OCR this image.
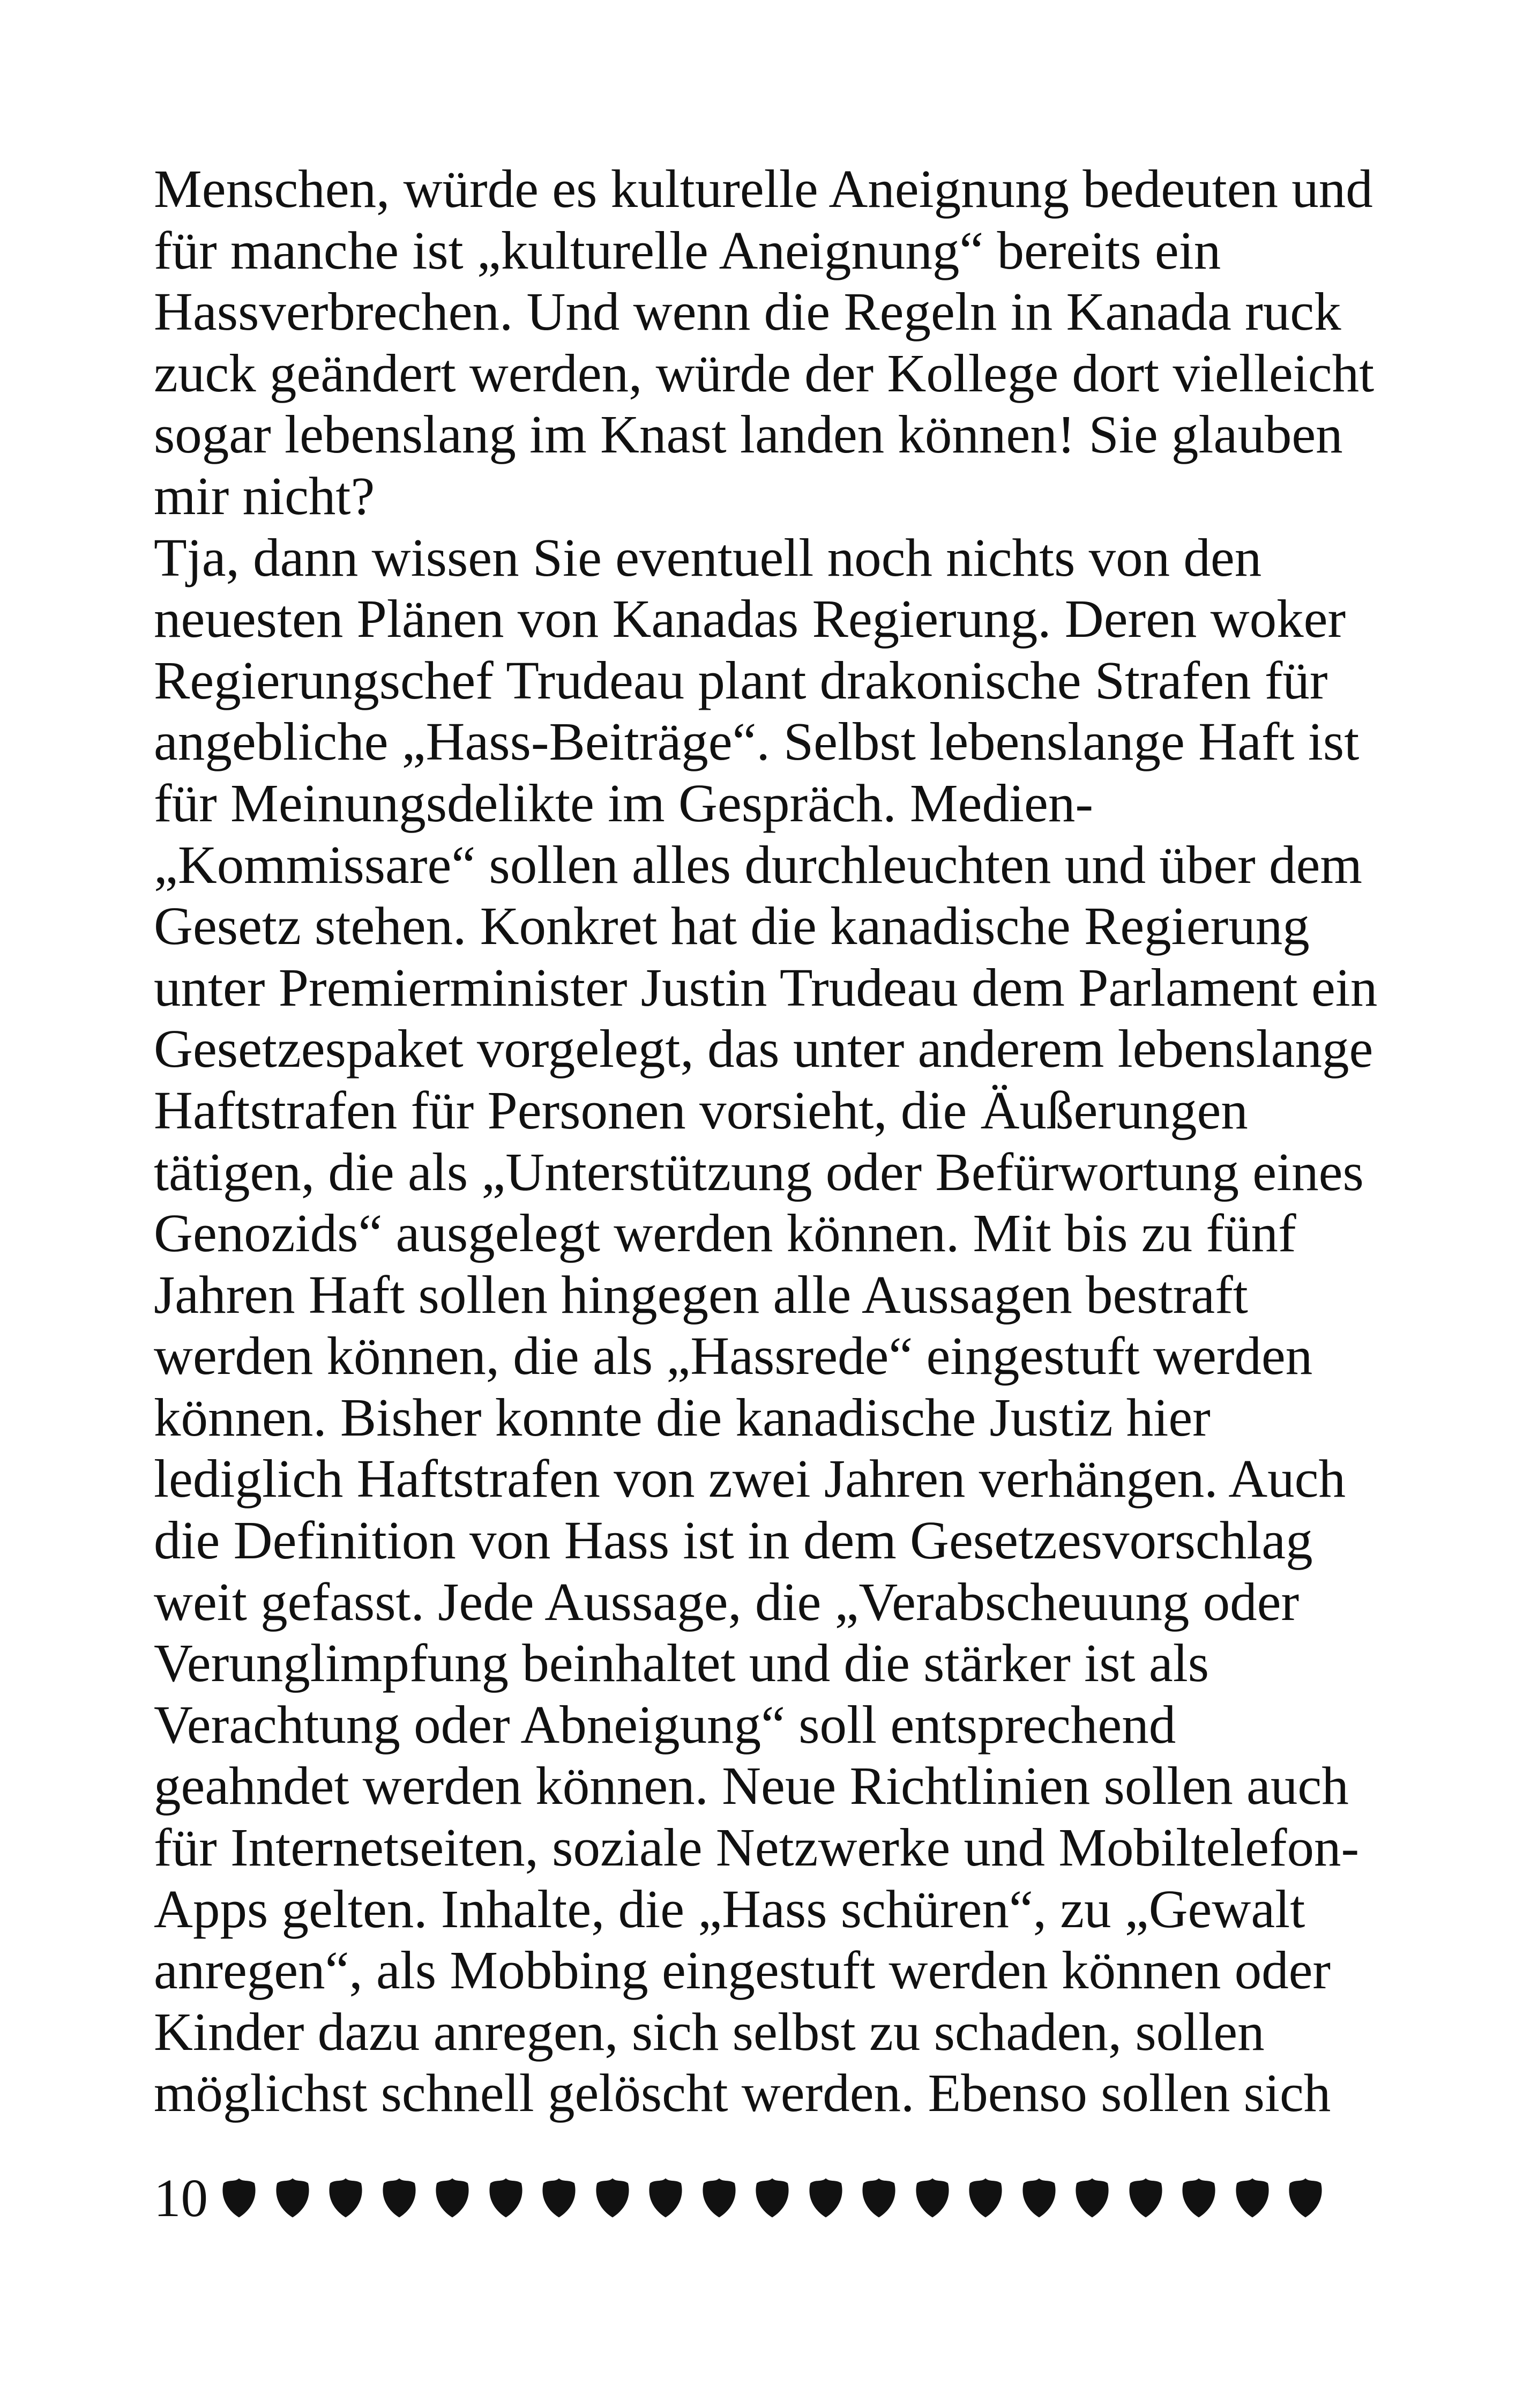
Menschen, würde es kulturelle Aneignung bedeuten und
für manche ist „kulturelle Aneignung“ bereits ein
Hassverbrechen. Und wenn die Regeln in Kanada ruck
zuck geändert werden, würde der Kollege dort vielleicht
sogar lebenslang im Knast landen können! Sie glauben
mir nicht?
Tja, dann wissen Sie eventuell noch nichts von den
neuesten Plänen von Kanadas Regierung. Deren woker
Regierungschef Trudeau plant drakonische Strafen für
angebliche „Hass-Beiträge“. Selbst lebenslange Haft ist
für Meinungsdelikte im Gespräch. Medien-
„Kommissare“ sollen alles durchleuchten und über dem
Gesetz stehen. Konkret hat die kanadische Regierung
unter Premierminister Justin Trudeau dem Parlament ein
Gesetzespaket vorgelegt, das unter anderem lebenslange
Haftstrafen für Personen vorsieht, die Äußerungen
tätigen, die als „Unterstützung oder Befürwortung eines
Genozids“ ausgelegt werden können. Mit bis zu fünf
Jahren Haft sollen hingegen alle Aussagen bestraft
werden können, die als „Hassrede“ eingestuft werden
können. Bisher konnte die kanadische Justiz hier
lediglich Haftstrafen von zwei Jahren verhängen. Auch
die Definition von Hass ist in dem Gesetzesvorschlag
weit gefasst. Jede Aussage, die „Verabscheuung oder
Verunglimpfung beinhaltet und die stärker ist als
Verachtung oder Abneigung“ soll entsprechend
geahndet werden können. Neue Richtlinien sollen auch
für Internetseiten, soziale Netzwerke und Mobiltelefon-
Apps gelten. Inhalte, die „Hass schüren“, zu „Gewalt
anregen“, als Mobbing eingestuft werden können oder
Kinder dazu anregen, sich selbst zu schaden, sollen
möglichst schnell gelöscht werden. Ebenso sollen sich
10
